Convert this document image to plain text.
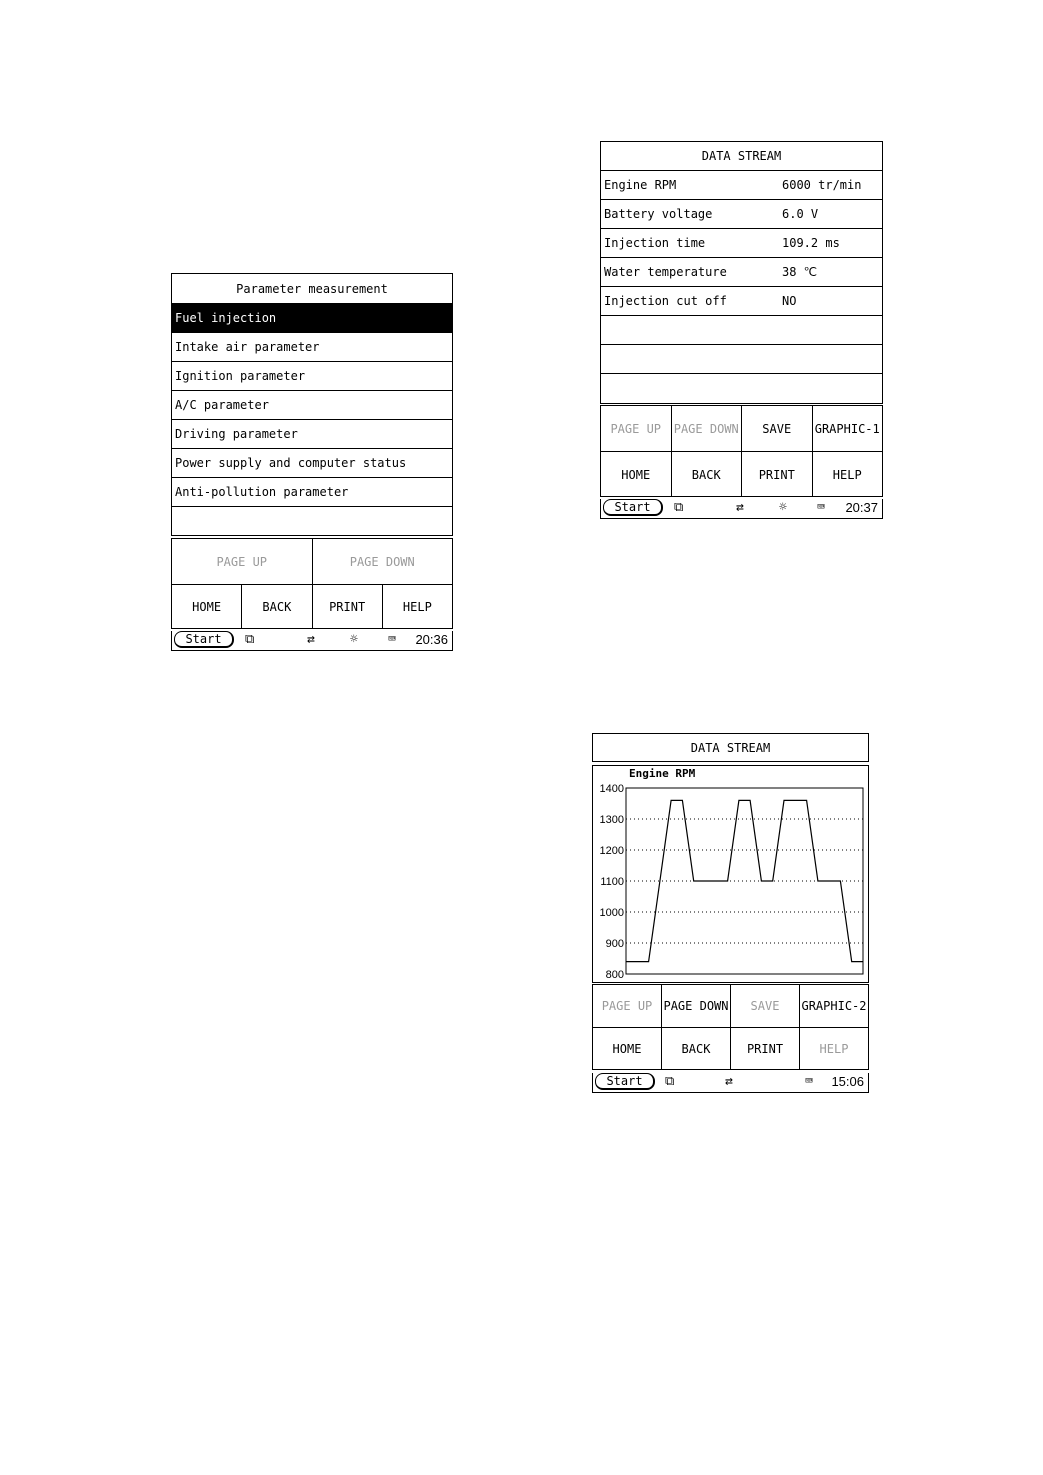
Parameter measurement
Fuel injection
Intake air parameter
Ignition parameter
A/C parameter
Driving parameter
Power supply and computer status
Anti-pollution parameter
PAGE UP	PAGE DOWN
HOME	BACK	PRINT	HELP
Start	⧉	⇄	☼ ⌨ 20:36
DATA STREAM
Engine RPM	6000 tr/min
Battery voltage	6.0 V
Injection time	109.2 ms
Water temperature	38 ℃
Injection cut off	NO
PAGE UP	PAGE DOWN	SAVE	GRAPHIC-1
HOME	BACK	PRINT	HELP
Start	⧉	⇄	☼ ⌨ 20:37
DATA STREAM
Engine RPM
1400
1300
1200
1100
1000
900
800
PAGE UP PAGE DOWN	SAVE	GRAPHIC-2
HOME	BACK	PRINT	HELP
Start	⧉	⇄	⌨ 15:06
